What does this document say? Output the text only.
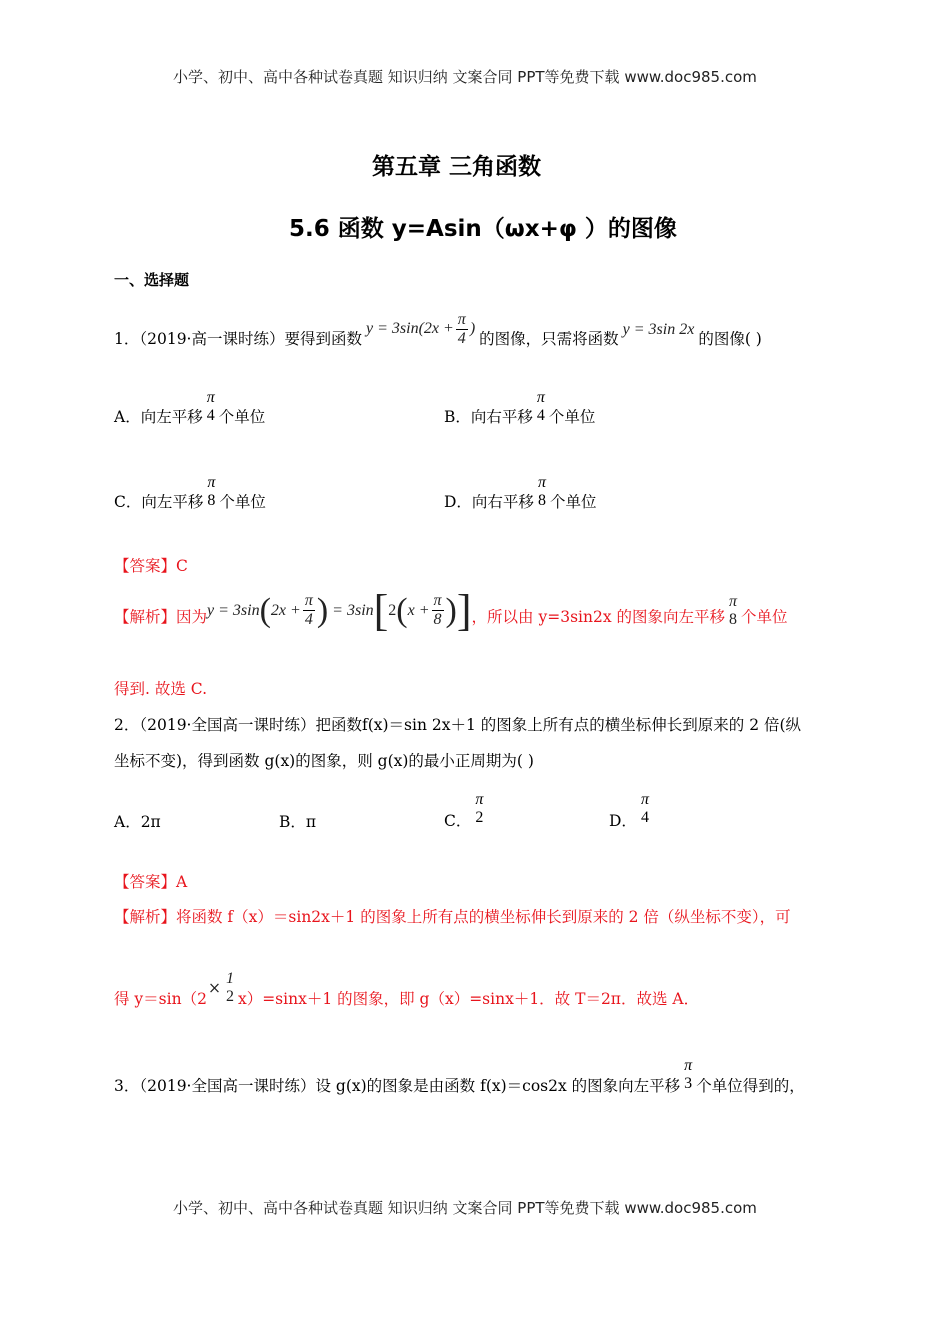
小学、初中、高中各种试卷真题 知识归纳 文案合同 PPT等免费下载 www.doc985.com
第五章 三角函数
5.6 函数 y=Asin（ωx+φ ）的图像
一、选择题
1．（2019·高一课时练）要得到函数
$y = 3\sin(2x + \frac{\pi}{4}$ )
的图像，只需将函数
y = 3sin 2x
的图像( )
A．向左平移
π
4 个单位	B．向右平移
π
4 个单位
C．向左平移
π
8 个单位	D．向右平移
π
8 个单位
【答案】C
【解析】因为 y = 3sin ( $2x + \frac{\pi}{4}$ ) = 3sin [ 2 ( $x + \frac{\pi}{8}$ ) ] ，所以由 y=3sin2x 的图象向左平移
π
8 个单位
得到. 故选 C.
2．（2019·全国高一课时练）把函数f(x)＝sin 2x＋1 的图象上所有点的横坐标伸长到原来的 2 倍(纵
坐标不变)，得到函数 g(x)的图象，则 g(x)的最小正周期为( )
A．2π	B．π	C．
π
2	D．
π
4
【答案】A
【解析】将函数 f（x）＝sin2x＋1 的图象上所有点的横坐标伸长到原来的 2 倍（纵坐标不变），可
得 y＝sin（2
×
1
2 x）=sinx＋1 的图象，即 g（x）=sinx＋1．故 T＝2π．故选 A．
3．（2019·全国高一课时练）设 g(x)的图象是由函数 f(x)＝cos2x 的图象向左平移
π
3 个单位得到的，
小学、初中、高中各种试卷真题 知识归纳 文案合同 PPT等免费下载 www.doc985.com
